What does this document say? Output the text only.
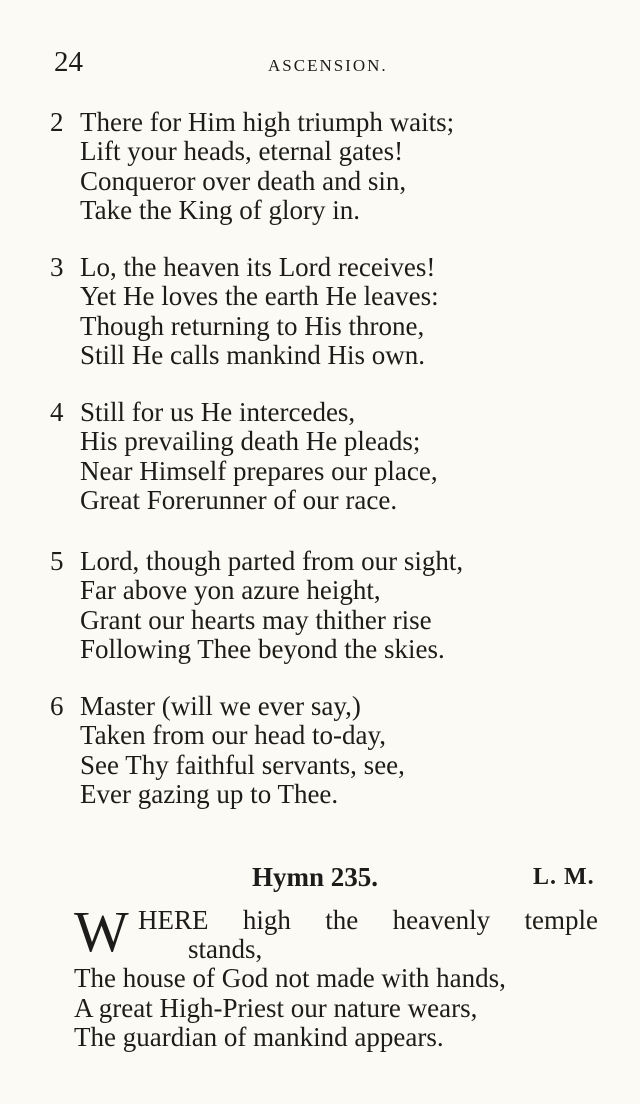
24	ASCENSION.
2 There for Him high triumph waits;
Lift your heads, eternal gates!
Conqueror over death and sin,
Take the King of glory in.
3 Lo, the heaven its Lord receives!
Yet He loves the earth He leaves:
Though returning to His throne,
Still He calls mankind His own.
4 Still for us He intercedes,
His prevailing death He pleads;
Near Himself prepares our place,
Great Forerunner of our race.
5 Lord, though parted from our sight,
Far above yon azure height,
Grant our hearts may thither rise
Following Thee beyond the skies.
6 Master (will we ever say,)
Taken from our head to-day,
See Thy faithful servants, see,
Ever gazing up to Thee.
Hymn 235.	L. M.
W HERE high the heavenly temple
stands,
The house of God not made with hands,
A great High-Priest our nature wears,
The guardian of mankind appears.
